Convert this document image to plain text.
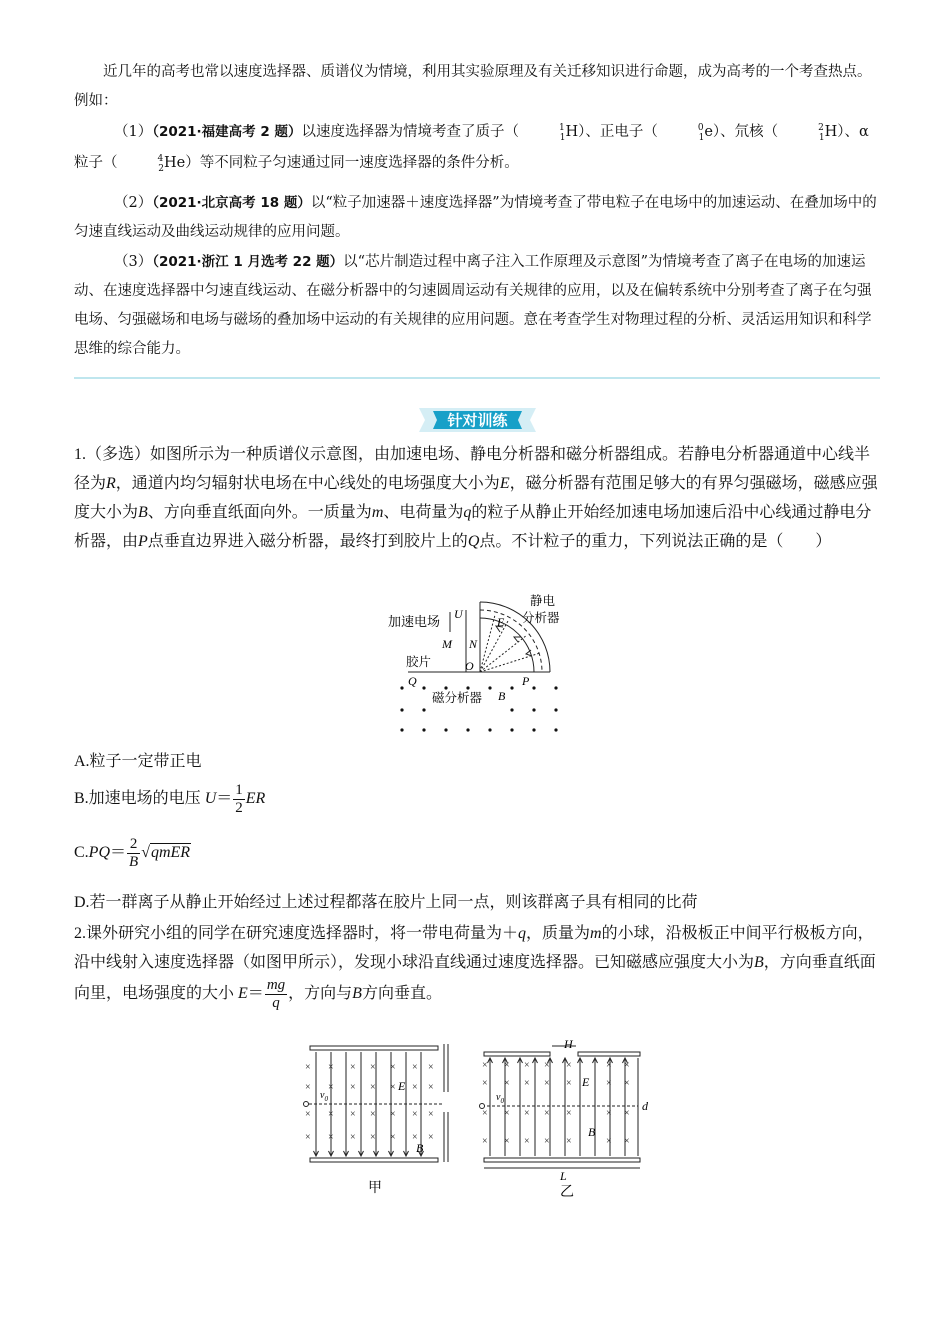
近几年的高考也常以速度选择器、质谱仪为情境，利用其实验原理及有关迁移知识进行命题，成为高考的一个考查热点。例如：

（1）（2021·福建高考 2 题）以速度选择器为情境考查了质子（	$^1_1$H）、正电子（	$^0_1$e）、氘核（	$^2_1$H）、α 粒子（	$^4_2$He）等不同粒子匀速通过同一速度选择器的条件分析。

（2）（2021·北京高考 18 题）以“粒子加速器＋速度选择器”为情境考查了带电粒子在电场中的加速运动、在叠加场中的匀速直线运动及曲线运动规律的应用问题。

（3）（2021·浙江 1 月选考 22 题）以“芯片制造过程中离子注入工作原理及示意图”为情境考查了离子在电场的加速运动、在速度选择器中匀速直线运动、在磁分析器中的匀速圆周运动有关规律的应用，以及在偏转系统中分别考查了离子在匀强电场、匀强磁场和电场与磁场的叠加场中运动的有关规律的应用问题。意在考查学生对物理过程的分析、灵活运用知识和科学思维的综合能力。

针对训练

1.（多选）如图所示为一种质谱仪示意图，由加速电场、静电分析器和磁分析器组成。若静电分析器通道中心线半径为R，通道内均匀辐射状电场在中心线处的电场强度大小为E，磁分析器有范围足够大的有界匀强磁场，磁感应强度大小为B、方向垂直纸面向外。一质量为m、电荷量为q的粒子从静止开始经加速电场加速后沿中心线通过静电分析器，由P点垂直边界进入磁分析器，最终打到胶片上的Q点。不计粒子的重力，下列说法正确的是（　　）

加速电场 U
M N
E
O
静电
分析器
胶片
Q	P
磁分析器 B

A.粒子一定带正电

B.加速电场的电压 $U= \frac{1}{2}$ ER

$C.PQ= \frac{2}{B}$ √qmER

D.若一群离子从静止开始经过上述过程都落在胶片上同一点，则该群离子具有相同的比荷

2.课外研究小组的同学在研究速度选择器时，将一带电荷量为＋q，质量为m的小球，沿极板正中间平行极板方向，沿中线射入速度选择器（如图甲所示），发现小球沿直线通过速度选择器。已知磁感应强度大小为B，方向垂直纸面向里，电场强度的大小 $E= \frac{mg}{q}$ ，方向与B方向垂直。

×
×
×
×
×
×
×
×
×
×
×
×
×
×
×
×
×
×
×
×
×
×
×
×
×
×
×
×
E
$v_0$
B
甲
×
×
×
×
×
×
×
×
×
×
×
×
×
×
×
×
×
×
×
×
×
×
×
×
×
×
×
×
H
E
$v_0$
B
d
L
乙
